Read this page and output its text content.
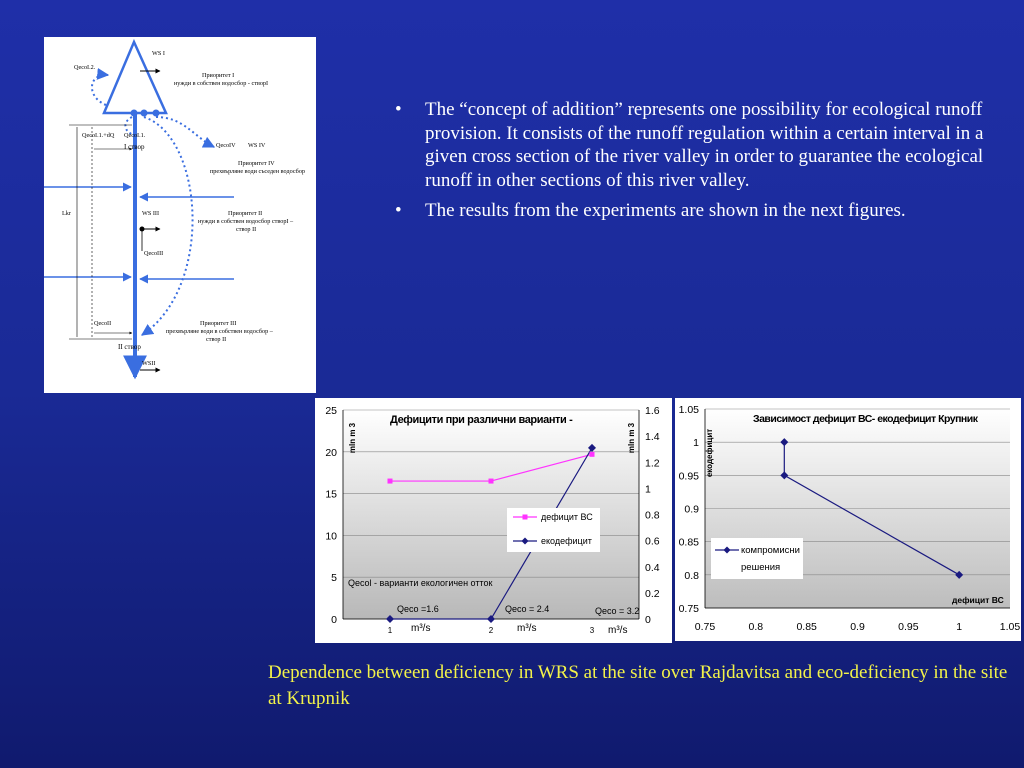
WS I
QecoI.2.
Приоритет I
нужди в собствен водосбор - створI
QecoI.1.+dQ QecoI.1.
I створ	QecoIV WS IV
Приоритет IV
прехвърляне води съседен водосбор
Lkr	WS III	Приоритет II
нужди в собствен водосбор створI –
створ II
QecoIII
QecoII	Приоритет III
прехвърляне води в собствен водосбор –
створ II
II створ
WSII
• The “concept of addition” represents one possibility for ecological runoff provision. It consists of the runoff regulation within a certain interval in a given cross section of the river valley in order to guarantee the ecological runoff in other sections of this river valley.
• The results from the experiments are shown in the next figures.
0
5
10
15
20
25
0
0.2
0.4
0.6
0.8
1
1.2
1.4
1.6
1	2	3
Дефицити при различни варианти -
mln m 3	mln m 3
дефицит ВС
екодефицит
Qecol - варианти екологичен отток
Qeco =1.6	Qeco = 2.4	Qeco = 3.2
m³/s	m³/s	m³/s
0.75
0.8
0.85
0.9
0.95
1
1.05
0.75	0.8	0.85	0.9	0.95	1	1.05
Зависимост дефицит ВС- екодефицит Крупник
екодефицит
дефицит ВС
компромисни
решения
Dependence between deficiency in WRS at the site over Rajdavitsa and eco-deficiency in the site at Krupnik
